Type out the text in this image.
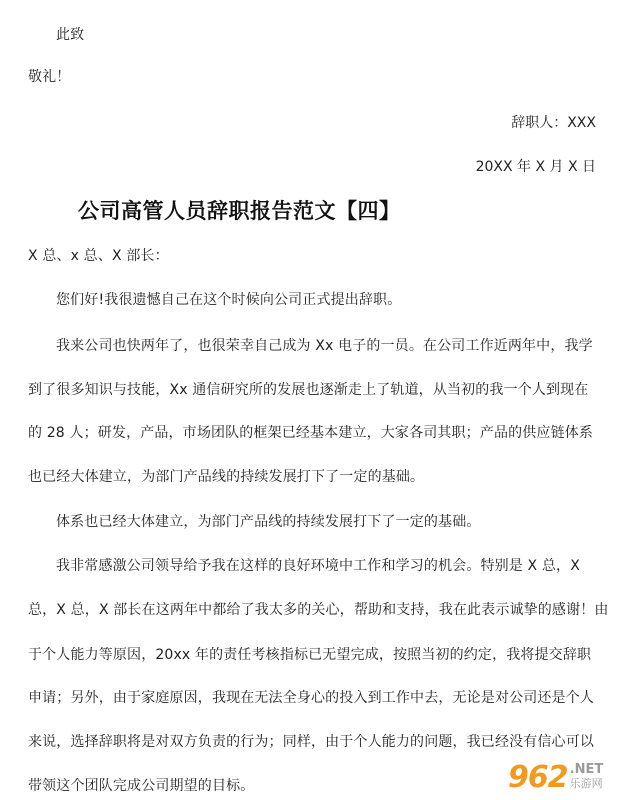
此致
敬礼！
辞职人：XXX
20XX 年 X 月 X 日
公司高管人员辞职报告范文【四】
X 总、x 总、X 部长：
您们好!我很遗憾自己在这个时候向公司正式提出辞职。
我来公司也快两年了，也很荣幸自己成为 Xx 电子的一员。在公司工作近两年中，我学
到了很多知识与技能，Xx 通信研究所的发展也逐渐走上了轨道，从当初的我一个人到现在
的 28 人；研发，产品，市场团队的框架已经基本建立，大家各司其职；产品的供应链体系
也已经大体建立，为部门产品线的持续发展打下了一定的基础。
体系也已经大体建立，为部门产品线的持续发展打下了一定的基础。
我非常感激公司领导给予我在这样的良好环境中工作和学习的机会。特别是 X 总，X
总，X 总，X 部长在这两年中都给了我太多的关心，帮助和支持，我在此表示诚挚的感谢！由
于个人能力等原因，20xx 年的责任考核指标已无望完成，按照当初的约定，我将提交辞职
申请；另外，由于家庭原因，我现在无法全身心的投入到工作中去，无论是对公司还是个人
来说，选择辞职将是对双方负责的行为；同样，由于个人能力的问题，我已经没有信心可以
带领这个团队完成公司期望的目标。	962 .NET
乐游网
